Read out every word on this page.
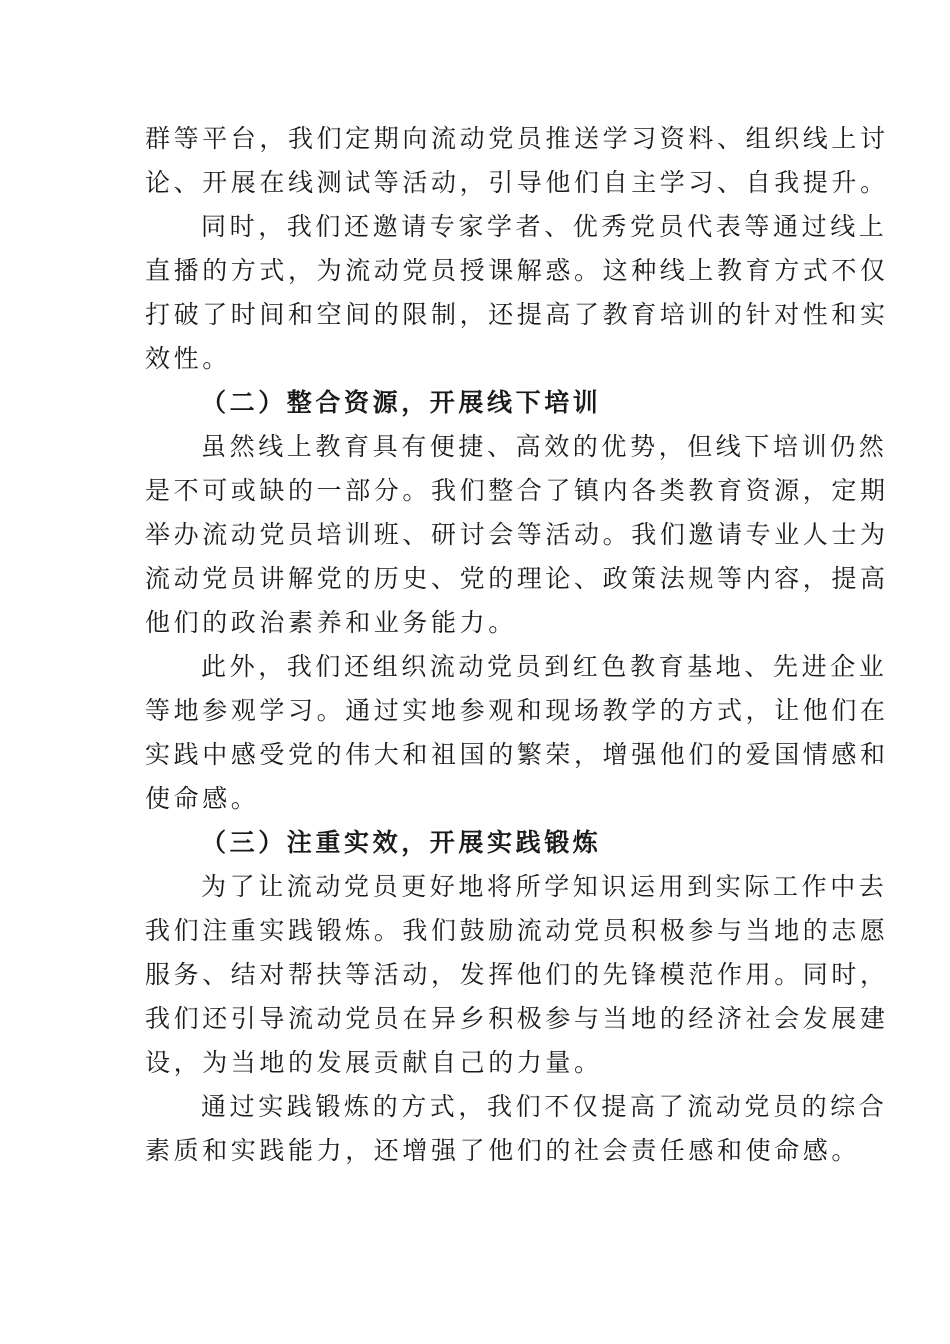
群等平台，我们定期向流动党员推送学习资料、组织线上讨
论、开展在线测试等活动，引导他们自主学习、自我提升。
同时，我们还邀请专家学者、优秀党员代表等通过线上
直播的方式，为流动党员授课解惑。这种线上教育方式不仅
打破了时间和空间的限制，还提高了教育培训的针对性和实
效性。
（二）整合资源，开展线下培训
虽然线上教育具有便捷、高效的优势，但线下培训仍然
是不可或缺的一部分。我们整合了镇内各类教育资源，定期
举办流动党员培训班、研讨会等活动。我们邀请专业人士为
流动党员讲解党的历史、党的理论、政策法规等内容，提高
他们的政治素养和业务能力。
此外，我们还组织流动党员到红色教育基地、先进企业
等地参观学习。通过实地参观和现场教学的方式，让他们在
实践中感受党的伟大和祖国的繁荣，增强他们的爱国情感和
使命感。
（三）注重实效，开展实践锻炼
为了让流动党员更好地将所学知识运用到实际工作中去
我们注重实践锻炼。我们鼓励流动党员积极参与当地的志愿
服务、结对帮扶等活动，发挥他们的先锋模范作用。同时，
我们还引导流动党员在异乡积极参与当地的经济社会发展建
设，为当地的发展贡献自己的力量。
通过实践锻炼的方式，我们不仅提高了流动党员的综合
素质和实践能力，还增强了他们的社会责任感和使命感。
